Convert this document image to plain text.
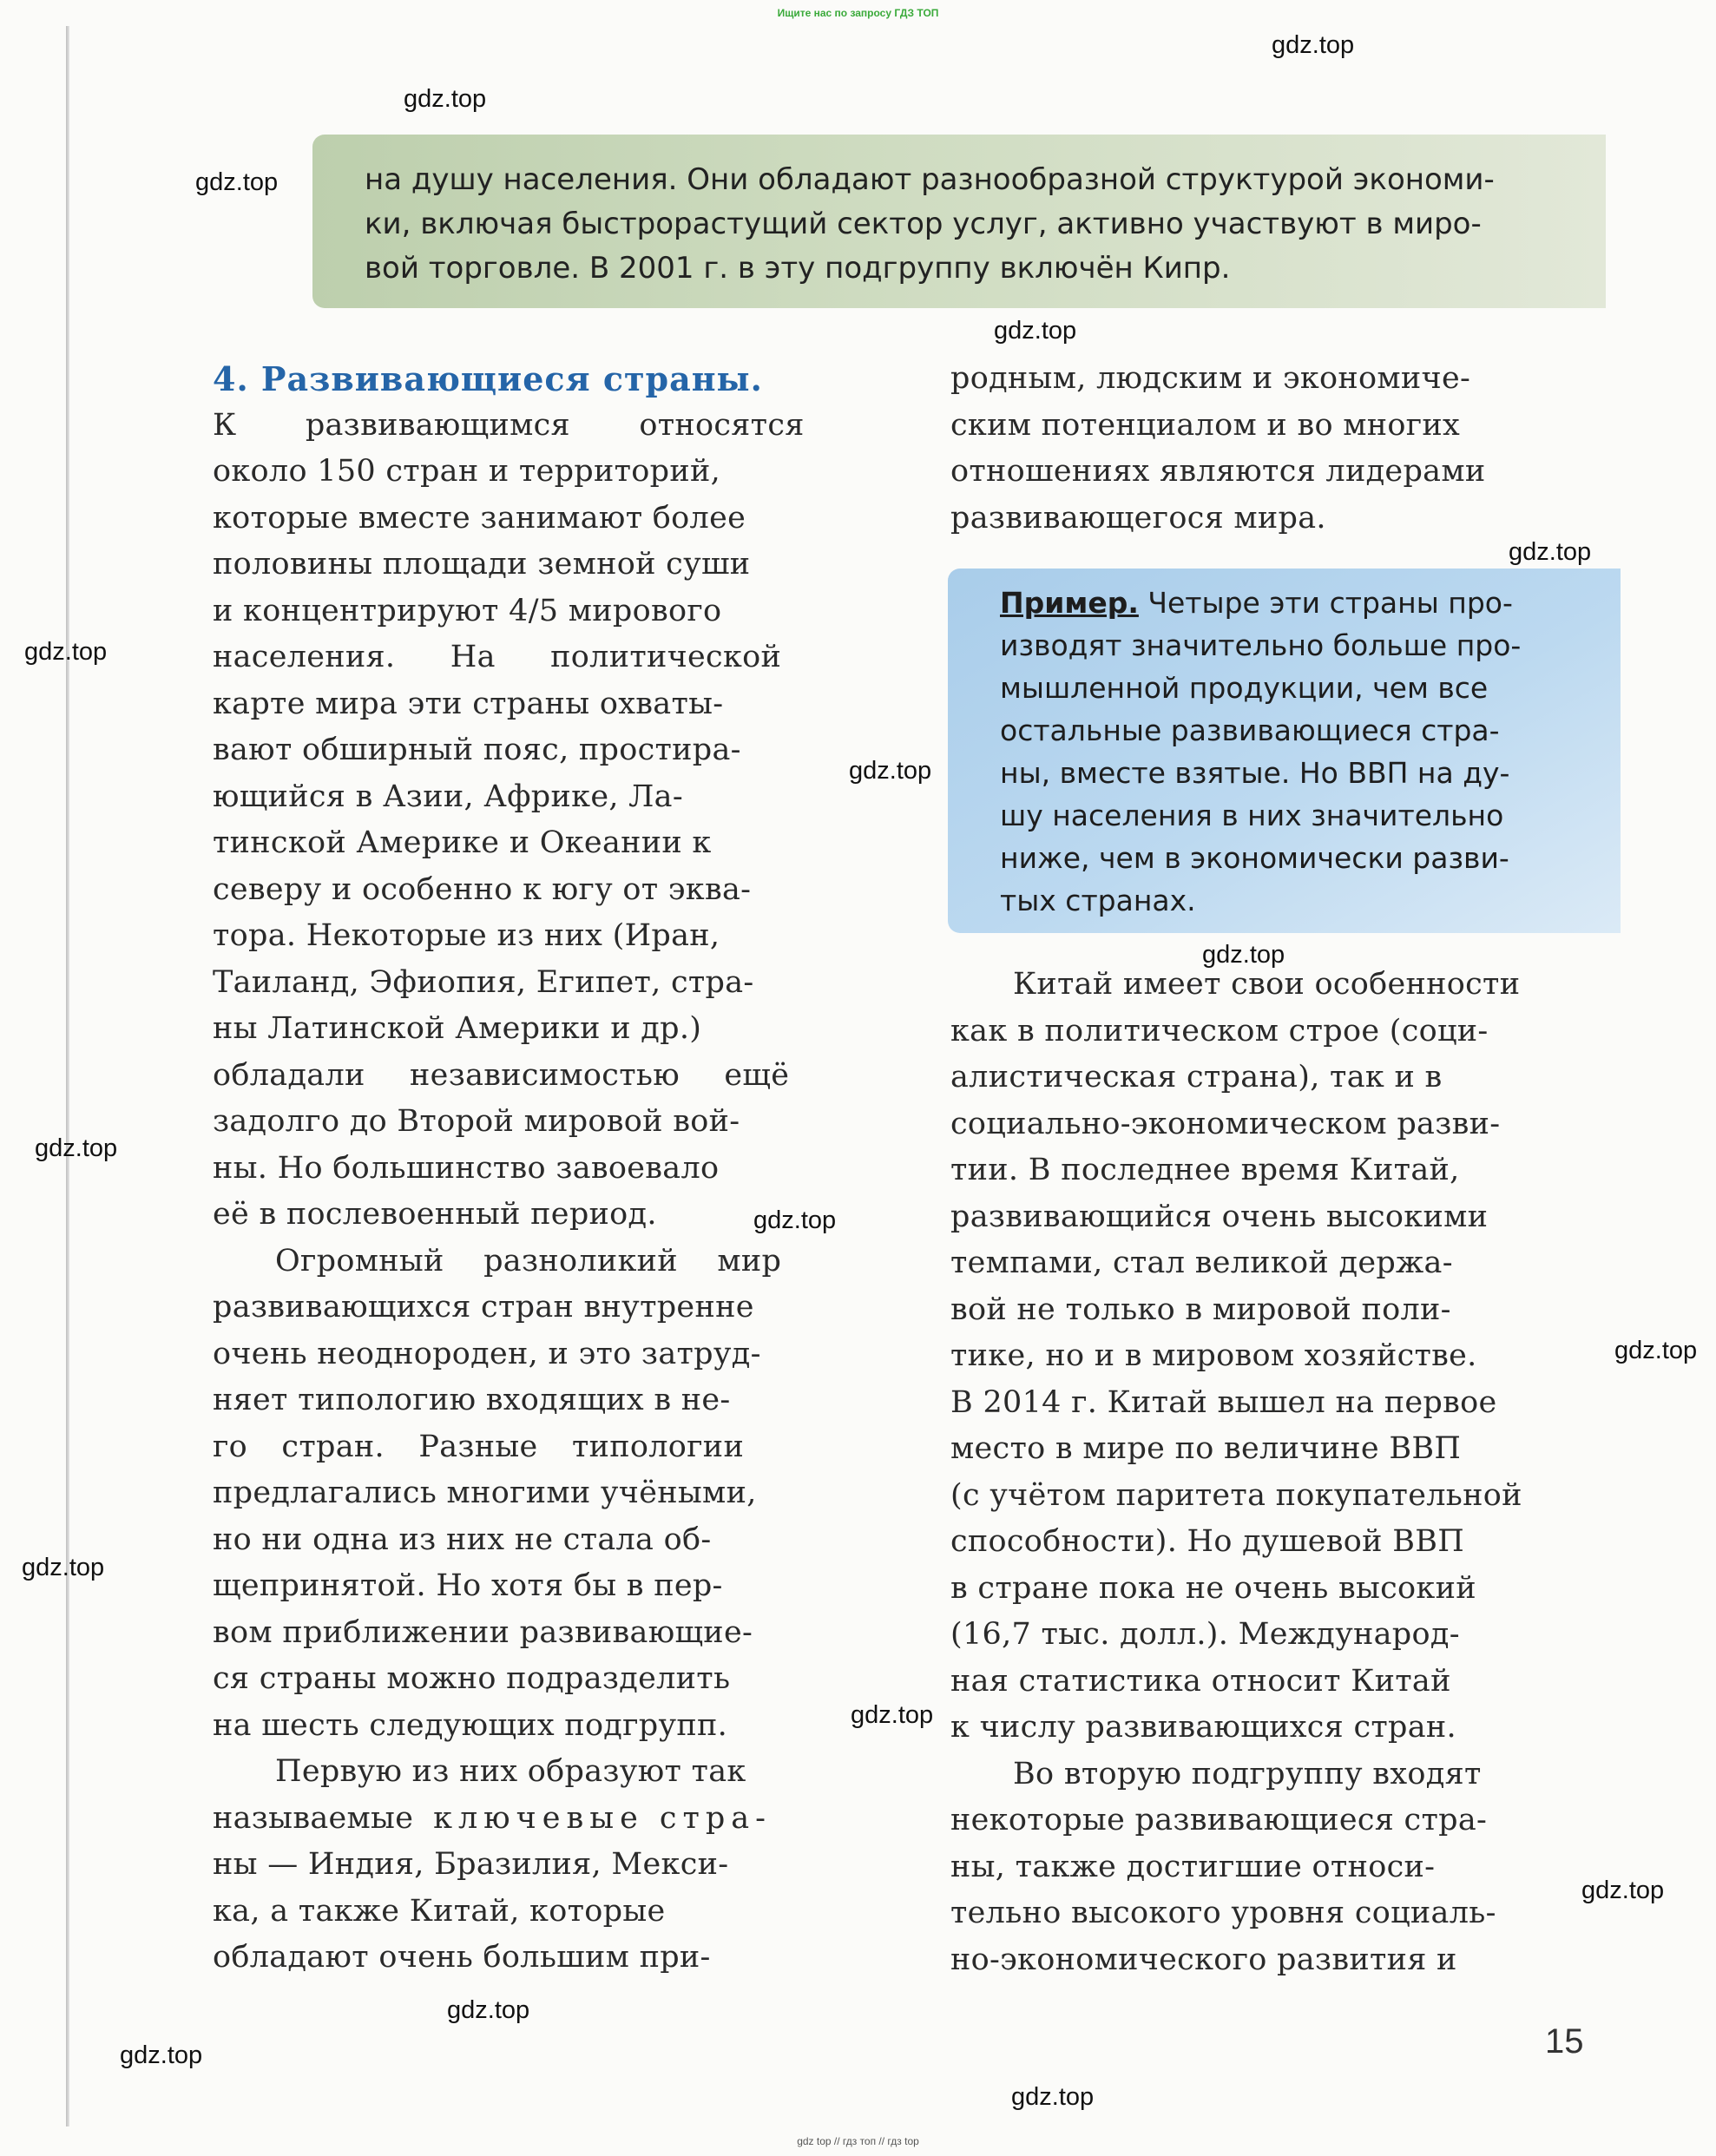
Ищите нас по запросу ГДЗ ТОП
gdz.top
gdz.top
gdz.top
gdz.top
gdz.top
gdz.top
gdz.top
gdz.top
gdz.top
gdz.top
gdz.top
gdz.top
gdz.top
gdz.top
gdz.top
gdz.top
gdz.top
на душу населения. Они обладают разнообразной структурой экономи-
ки, включая быстрорастущий сектор услуг, активно участвуют в миро-
вой торговле. В 2001 г. в эту подгруппу включён Кипр.
4. Развивающиеся страны.
К развивающимся относятся
около 150 стран и территорий,
которые вместе занимают более
половины площади земной суши
и концентрируют 4/5 мирового
населения. На политической
карте мира эти страны охваты-
вают обширный пояс, простира-
ющийся в Азии, Африке, Ла-
тинской Америке и Океании к
северу и особенно к югу от эква-
тора. Некоторые из них (Иран,
Таиланд, Эфиопия, Египет, стра-
ны Латинской Америки и др.)
обладали независимостью ещё
задолго до Второй мировой вой-
ны. Но большинство завоевало
её в послевоенный период.
Огромный разноликий мир
развивающихся стран внутренне
очень неоднороден, и это затруд-
няет типологию входящих в не-
го стран. Разные типологии
предлагались многими учёными,
но ни одна из них не стала об-
щепринятой. Но хотя бы в пер-
вом приближении развивающие-
ся страны можно подразделить
на шесть следующих подгрупп.
Первую из них образуют так
называемые ключевые стра-
ны — Индия, Бразилия, Мекси-
ка, а также Китай, которые
обладают очень большим при-
родным, людским и экономиче-
ским потенциалом и во многих
отношениях являются лидерами
развивающегося мира.
Пример. Четыре эти страны про-
изводят значительно больше про-
мышленной продукции, чем все
остальные развивающиеся стра-
ны, вместе взятые. Но ВВП на ду-
шу населения в них значительно
ниже, чем в экономически разви-
тых странах.
Китай имеет свои особенности
как в политическом строе (соци-
алистическая страна), так и в
социально-экономическом разви-
тии. В последнее время Китай,
развивающийся очень высокими
темпами, стал великой держа-
вой не только в мировой поли-
тике, но и в мировом хозяйстве.
В 2014 г. Китай вышел на первое
место в мире по величине ВВП
(с учётом паритета покупательной
способности). Но душевой ВВП
в стране пока не очень высокий
(16,7 тыс. долл.). Международ-
ная статистика относит Китай
к числу развивающихся стран.
Во вторую подгруппу входят
некоторые развивающиеся стра-
ны, также достигшие относи-
тельно высокого уровня социаль-
но-экономического развития и
15
gdz top // гдз топ // гдз top
